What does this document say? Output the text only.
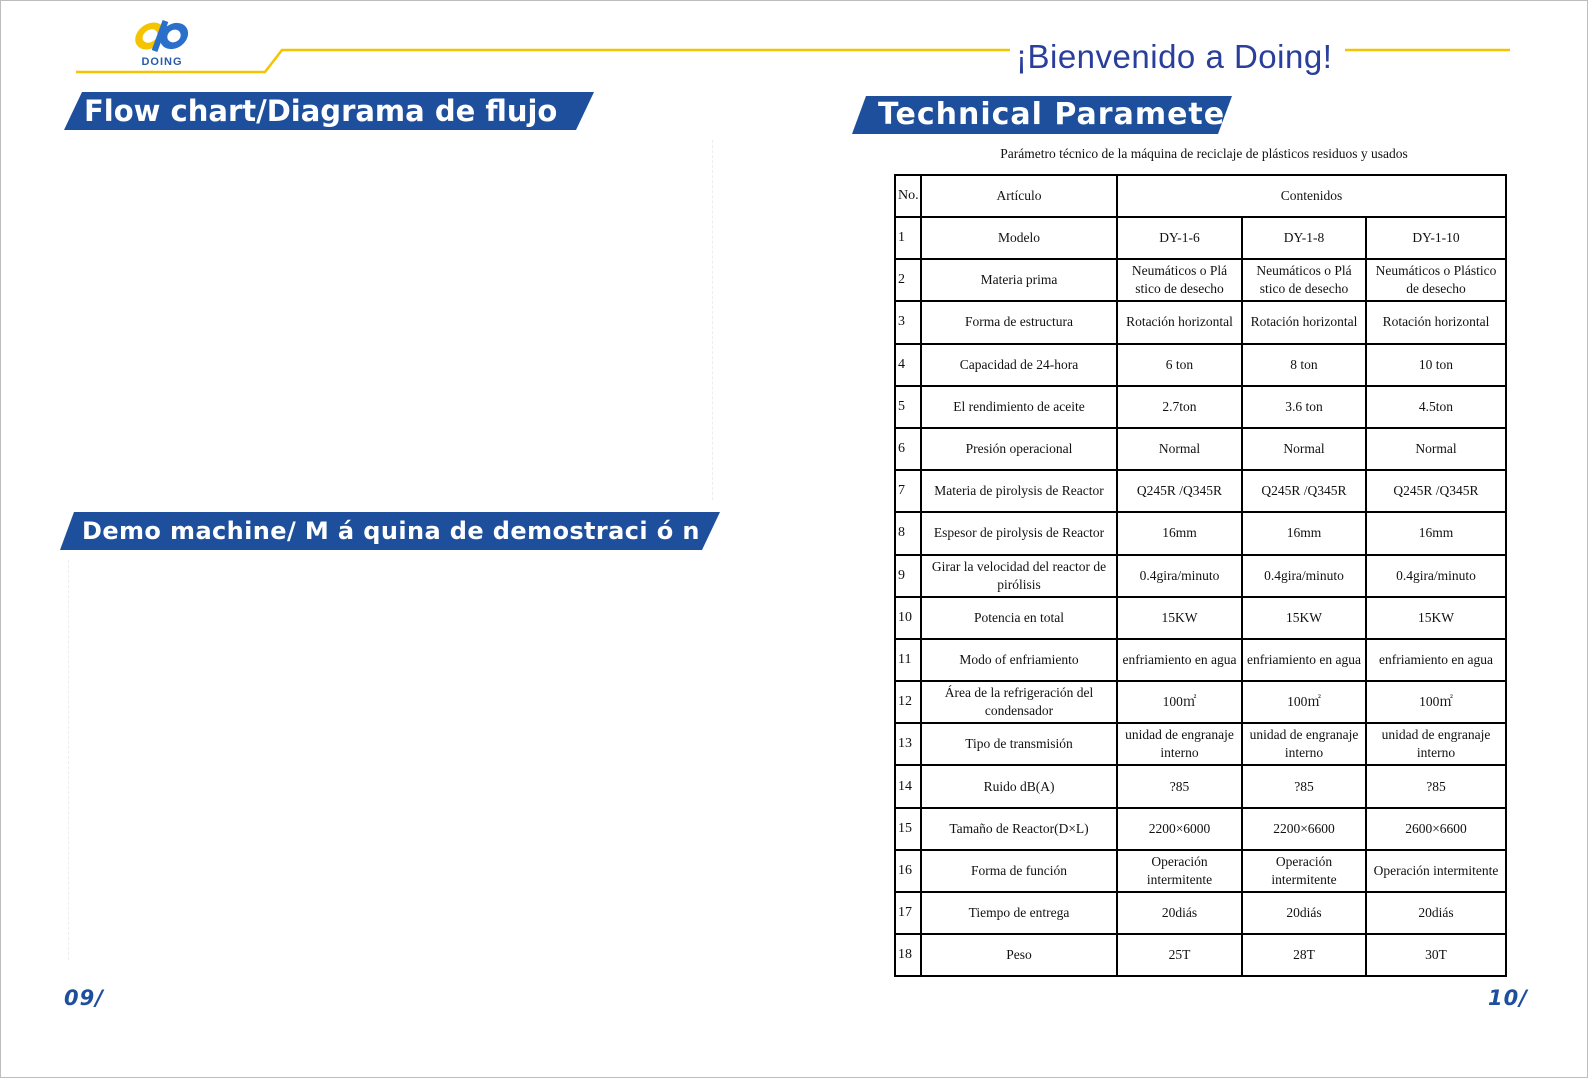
DOING	¡Bienvenido a Doing!
Flow chart/Diagrama de flujo	Technical Parameter
Demo machine/ M á quina de demostraci ó n
Parámetro técnico de la máquina de reciclaje de plásticos residuos y usados
No.	Artículo	Contenidos		
1	Modelo	DY-1-6	DY-1-8	DY-1-10
2	Materia prima	Neumáticos o Plá stico de desecho	Neumáticos o Plá stico de desecho	Neumáticos o Plástico de desecho
3	Forma de estructura	Rotación horizontal	Rotación horizontal	Rotación horizontal
4	Capacidad de 24-hora	6 ton	8 ton	10 ton
5	El rendimiento de aceite	2.7ton	3.6 ton	4.5ton
6	Presión operacional	Normal	Normal	Normal
7	Materia de pirolysis de Reactor	Q245R /Q345R	Q245R /Q345R	Q245R /Q345R
8	Espesor de pirolysis de Reactor	16mm	16mm	16mm
9	Girar la velocidad del reactor de pirólisis	0.4gira/minuto	0.4gira/minuto	0.4gira/minuto
10	Potencia en total	15KW	15KW	15KW
11	Modo of enfriamiento	enfriamiento en agua	enfriamiento en agua	enfriamiento en agua
12	Área de la refrigeración del condensador	100㎡	100㎡	100㎡
13	Tipo de transmisión	unidad de engranaje interno	unidad de engranaje interno	unidad de engranaje interno
14	Ruido dB(A)	?85	?85	?85
15	Tamaño de Reactor(D×L)	2200×6000	2200×6600	2600×6600
16	Forma de función	Operación intermitente	Operación intermitente	Operación intermitente
17	Tiempo de entrega	20diás	20diás	20diás
18	Peso	25T	28T	30T
09/	10/
